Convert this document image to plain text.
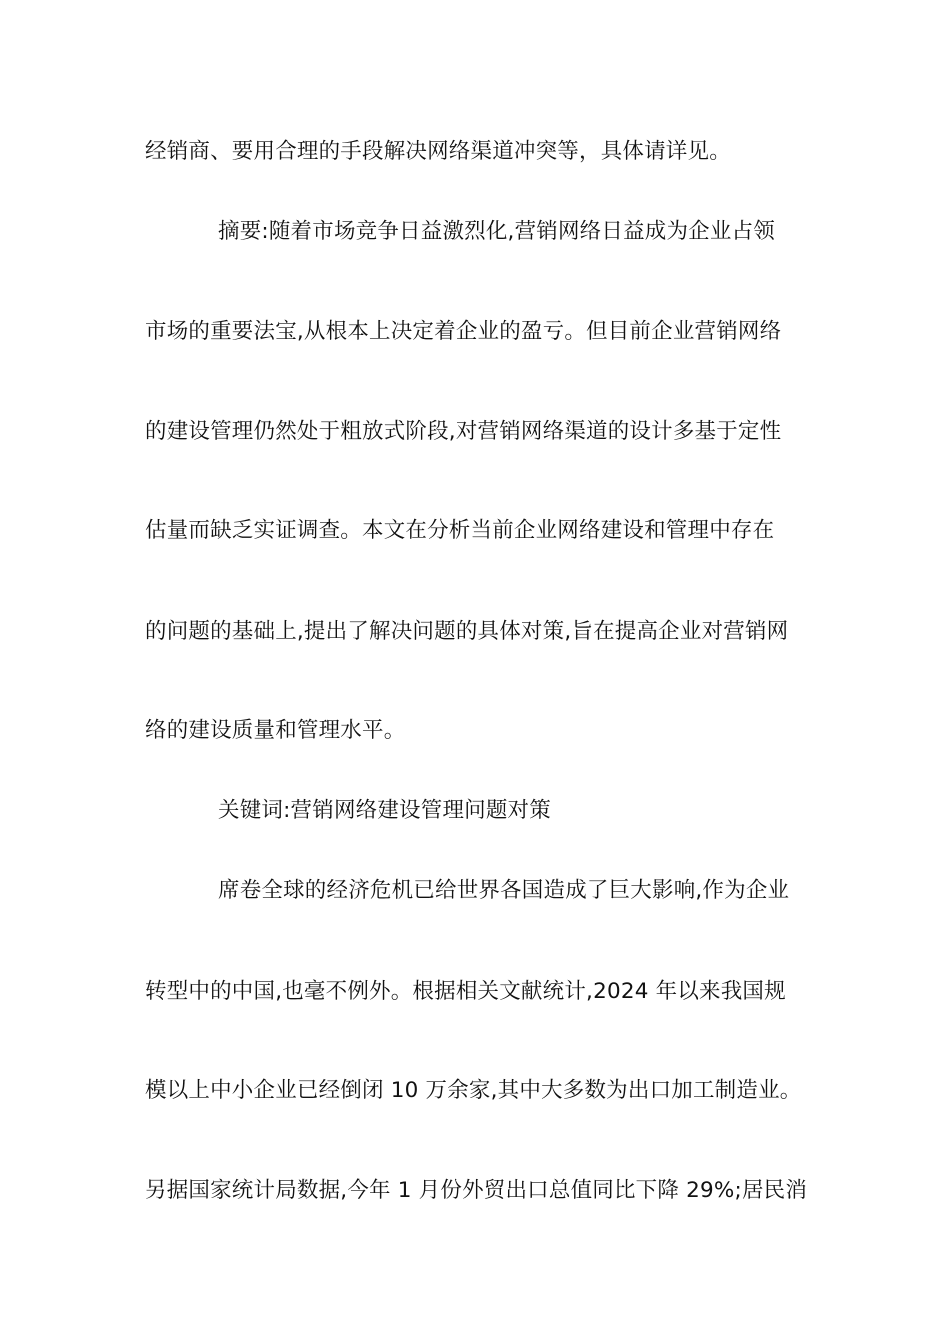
经销商、要用合理的手段解决网络渠道冲突等，具体请详见。
摘要:随着市场竞争日益激烈化,营销网络日益成为企业占领
市场的重要法宝,从根本上决定着企业的盈亏。但目前企业营销网络
的建设管理仍然处于粗放式阶段,对营销网络渠道的设计多基于定性
估量而缺乏实证调查。本文在分析当前企业网络建设和管理中存在
的问题的基础上,提出了解决问题的具体对策,旨在提高企业对营销网
络的建设质量和管理水平。
关键词:营销网络建设管理问题对策
席卷全球的经济危机已给世界各国造成了巨大影响,作为企业
转型中的中国,也毫不例外。根据相关文献统计,2024 年以来我国规
模以上中小企业已经倒闭 10 万余家,其中大多数为出口加工制造业。
另据国家统计局数据,今年 1 月份外贸出口总值同比下降 29%;居民消
